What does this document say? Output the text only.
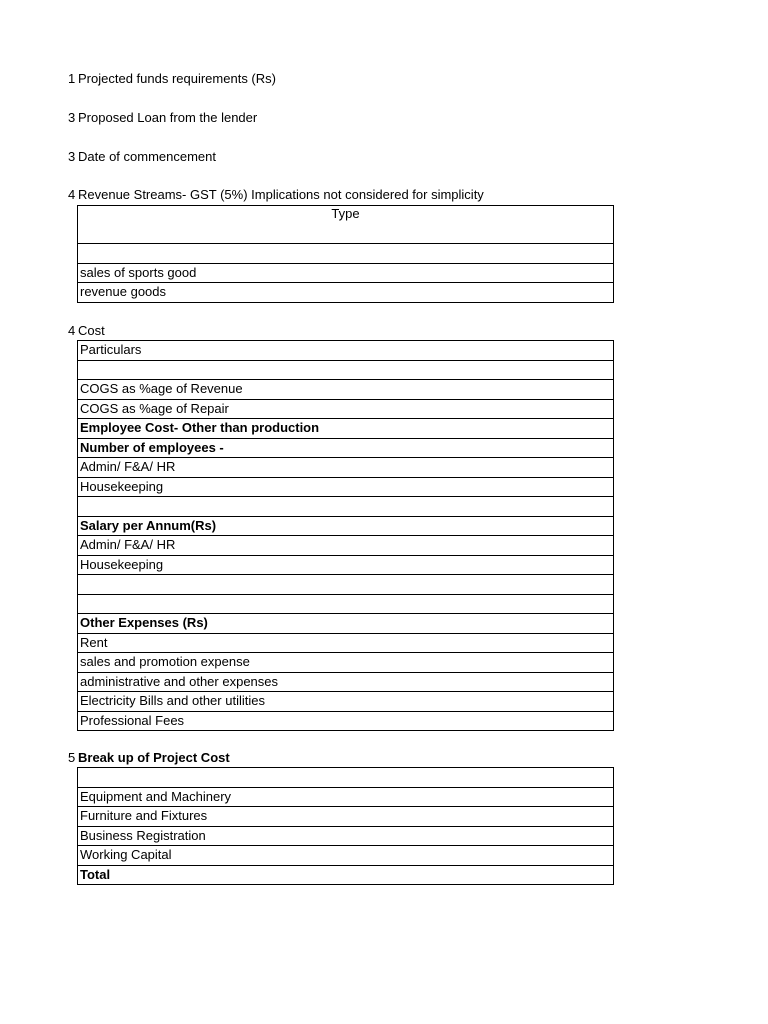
1 Projected funds requirements (Rs)
3 Proposed Loan from the lender
3 Date of commencement
4 Revenue Streams- GST (5%) Implications not considered for simplicity
Type

sales of sports good
revenue goods
4 Cost
Particulars

COGS as %age of Revenue
COGS as %age of Repair
Employee Cost- Other than production
Number of employees -
Admin/ F&A/ HR
Housekeeping

Salary per Annum(Rs)
Admin/ F&A/ HR
Housekeeping

Other Expenses (Rs)
Rent
sales and promotion expense
administrative and other expenses
Electricity Bills and other utilities
Professional Fees
5 Break up of Project Cost

Equipment and Machinery
Furniture and Fixtures
Business Registration
Working Capital
Total
